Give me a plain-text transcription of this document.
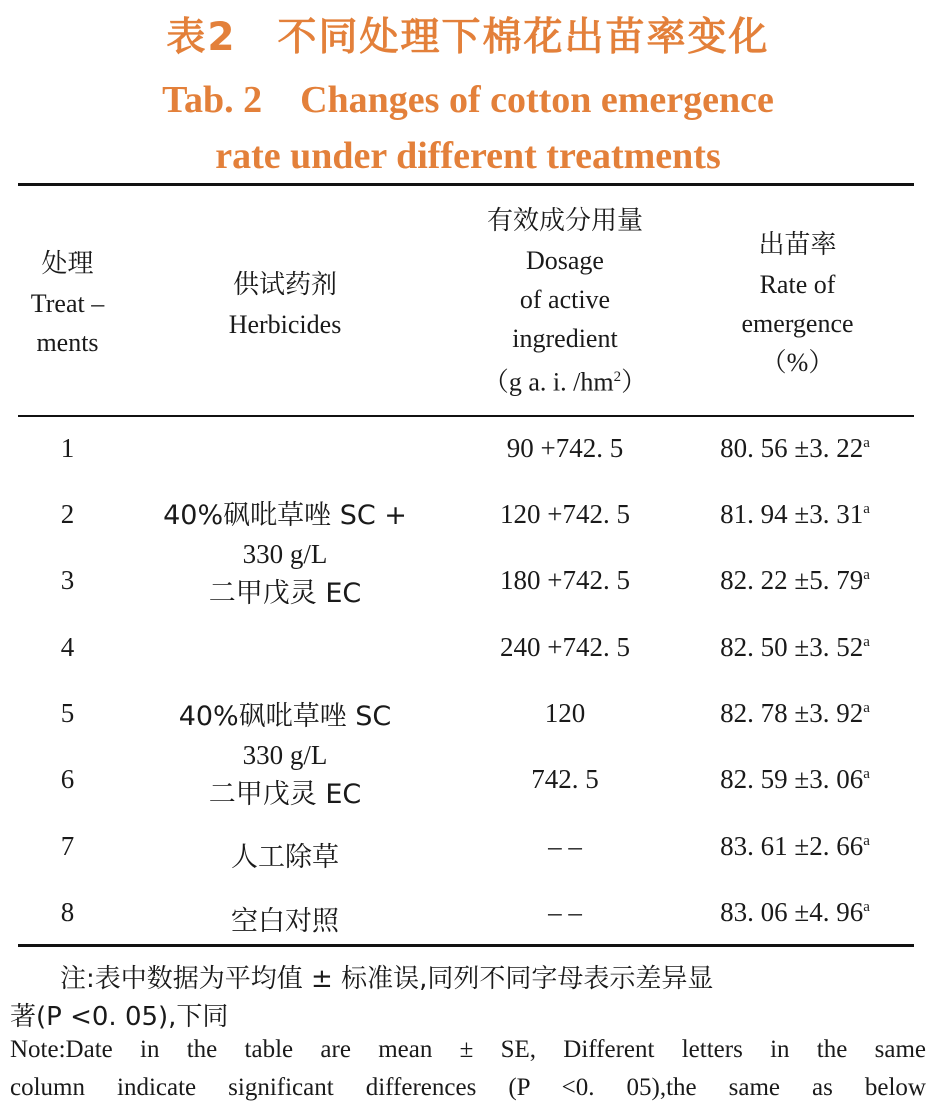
表2　不同处理下棉花出苗率变化
Tab. 2　Changes of cotton emergence
rate under different treatments
处理
Treat –
ments
供试药剂
Herbicides
有效成分用量
Dosage
of active
ingredient
（g a. i. $/hm^2$）
出苗率
Rate of
emergence
（%）
1
2
3
4
5
6
7
8
40%砜吡草唑 SC +
330 g/L
二甲戊灵 EC
40%砜吡草唑 SC
330 g/L
二甲戊灵 EC
人工除草
空白对照
90 +742. 5
120 +742. 5
180 +742. 5
240 +742. 5
120
742. 5
– –
– –
80. 56 ±3. 22$^a$
81. 94 ±3. 31$^a$
82. 22 ±5. 79$^a$
82. 50 ±3. 52$^a$
82. 78 ±3. 92$^a$
82. 59 ±3. 06$^a$
83. 61 ±2. 66$^a$
83. 06 ±4. 96$^a$
注:表中数据为平均值 ± 标准误,同列不同字母表示差异显
著(P <0. 05),下同
Note:Date in the table are mean ± SE, Different letters in the same
column indicate significant differences (P <0. 05),the same as below
